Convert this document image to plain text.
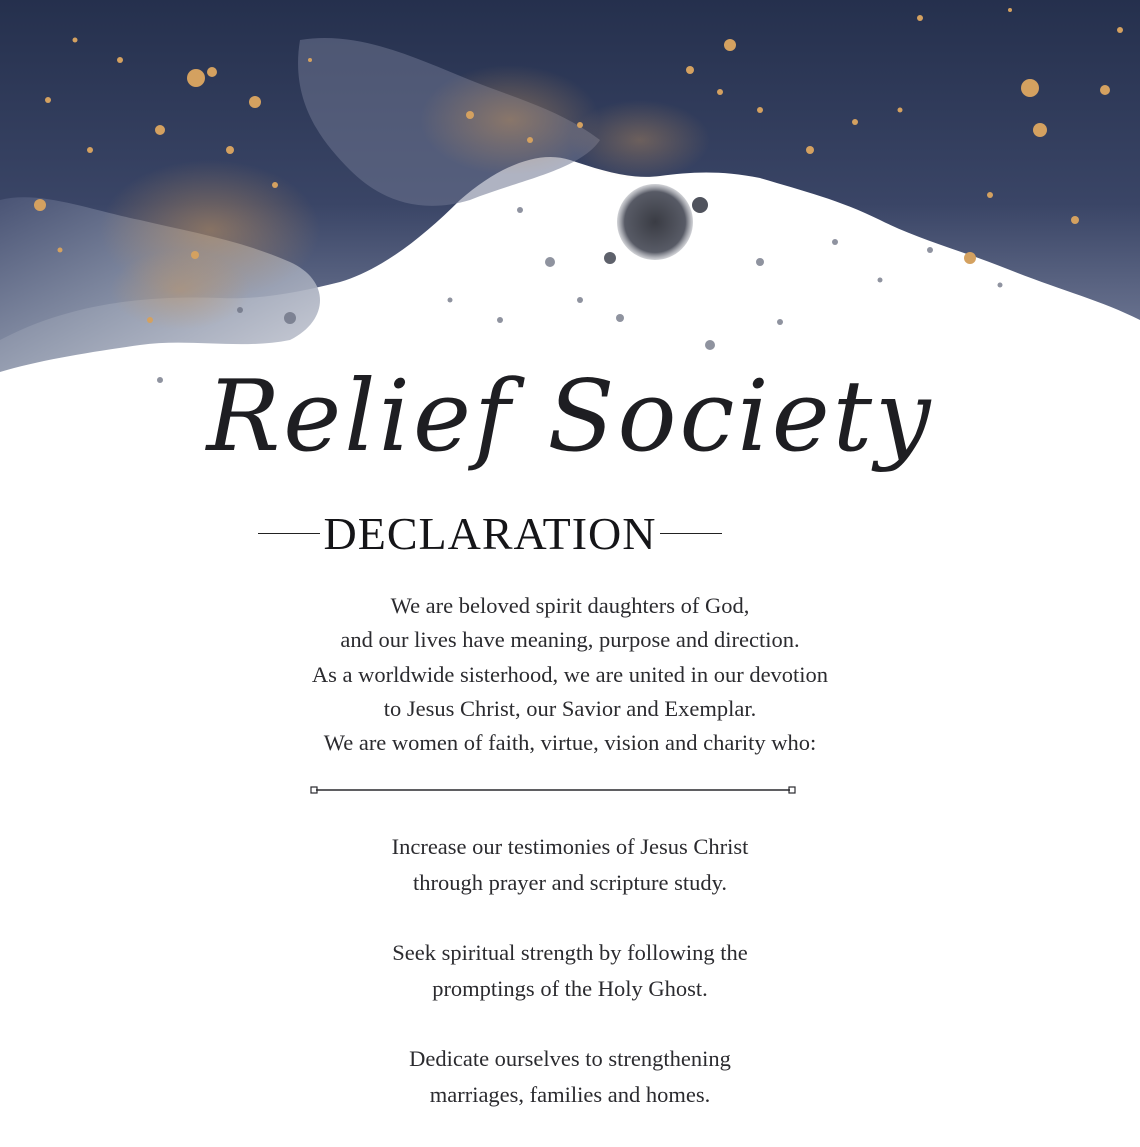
Relief Society
DECLARATION
We are beloved spirit daughters of God,
and our lives have meaning, purpose and direction.
As a worldwide sisterhood, we are united in our devotion
to Jesus Christ, our Savior and Exemplar.
We are women of faith, virtue, vision and charity who:
Increase our testimonies of Jesus Christ
through prayer and scripture study.
Seek spiritual strength by following the
promptings of the Holy Ghost.
Dedicate ourselves to strengthening
marriages, families and homes.
